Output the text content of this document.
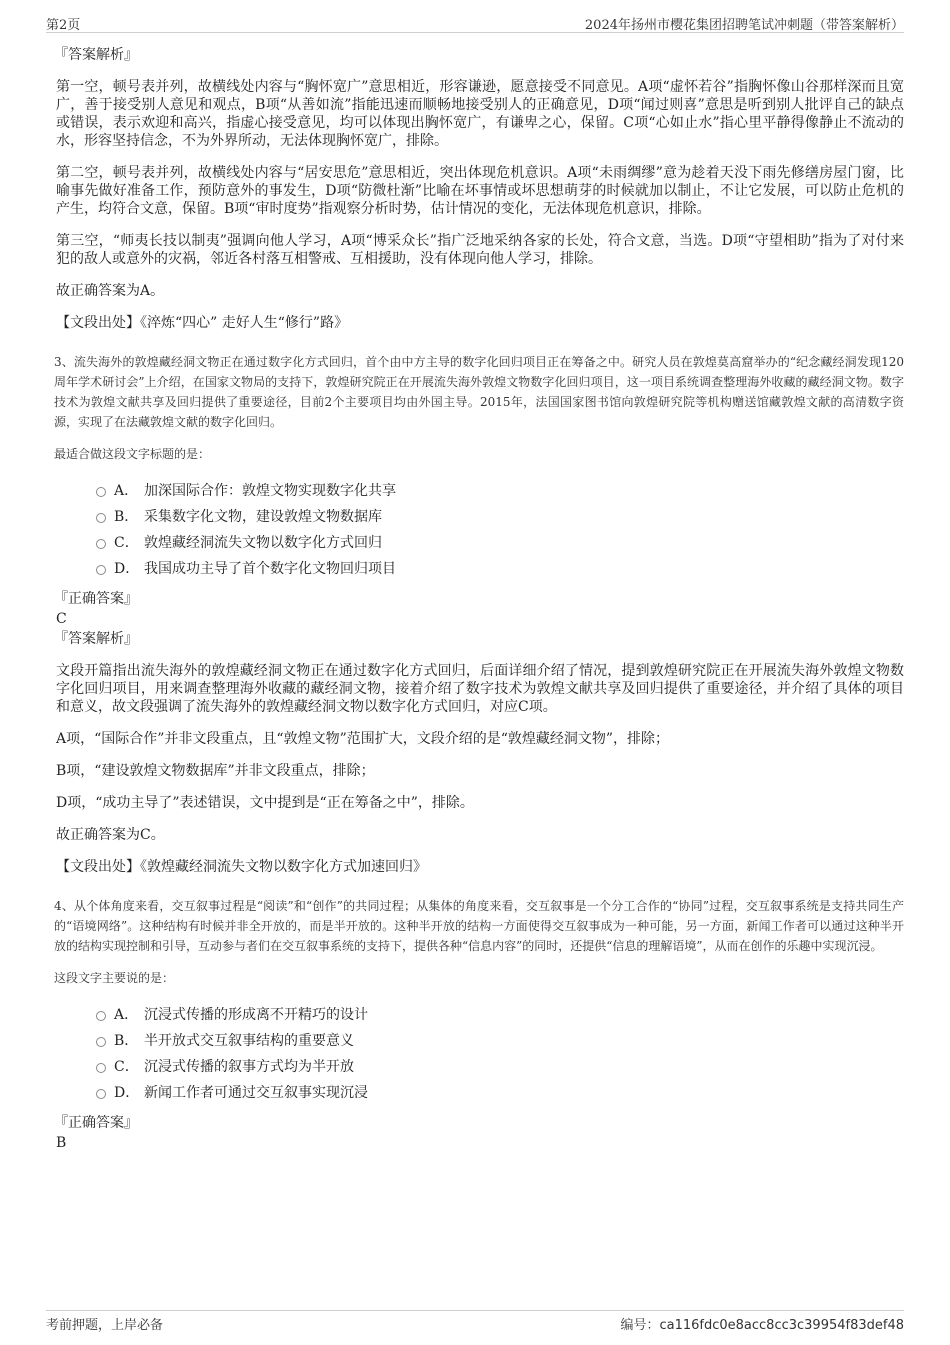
第2页	2024年扬州市樱花集团招聘笔试冲刺题（带答案解析）
『答案解析』

第一空，顿号表并列，故横线处内容与“胸怀宽广”意思相近，形容谦逊，愿意接受不同意见。A项“虚怀若谷”指胸怀像山谷那样深而且宽广，善于接受别人意见和观点，B项“从善如流”指能迅速而顺畅地接受别人的正确意见，D项“闻过则喜”意思是听到别人批评自己的缺点或错误，表示欢迎和高兴，指虚心接受意见，均可以体现出胸怀宽广，有谦卑之心，保留。C项“心如止水”指心里平静得像静止不流动的水，形容坚持信念，不为外界所动，无法体现胸怀宽广，排除。

第二空，顿号表并列，故横线处内容与“居安思危”意思相近，突出体现危机意识。A项“未雨绸缪”意为趁着天没下雨先修缮房屋门窗，比喻事先做好准备工作，预防意外的事发生，D项“防微杜渐”比喻在坏事情或坏思想萌芽的时候就加以制止，不让它发展，可以防止危机的产生，均符合文意，保留。B项“审时度势”指观察分析时势，估计情况的变化，无法体现危机意识，排除。

第三空，“师夷长技以制夷”强调向他人学习，A项“博采众长”指广泛地采纳各家的长处，符合文意，当选。D项“守望相助”指为了对付来犯的敌人或意外的灾祸，邻近各村落互相警戒、互相援助，没有体现向他人学习，排除。

故正确答案为A。

【文段出处】《淬炼“四心” 走好人生“修行”路》

3、流失海外的敦煌藏经洞文物正在通过数字化方式回归，首个由中方主导的数字化回归项目正在筹备之中。研究人员在敦煌莫高窟举办的“纪念藏经洞发现120周年学术研讨会”上介绍，在国家文物局的支持下，敦煌研究院正在开展流失海外敦煌文物数字化回归项目，这一项目系统调查整理海外收藏的藏经洞文物。数字技术为敦煌文献共享及回归提供了重要途径，目前2个主要项目均由外国主导。2015年，法国国家图书馆向敦煌研究院等机构赠送馆藏敦煌文献的高清数字资源，实现了在法藏敦煌文献的数字化回归。

最适合做这段文字标题的是：

A． 加深国际合作：敦煌文物实现数字化共享
B． 采集数字化文物，建设敦煌文物数据库
C． 敦煌藏经洞流失文物以数字化方式回归
D． 我国成功主导了首个数字化文物回归项目
『正确答案』
C
『答案解析』

文段开篇指出流失海外的敦煌藏经洞文物正在通过数字化方式回归，后面详细介绍了情况，提到敦煌研究院正在开展流失海外敦煌文物数字化回归项目，用来调查整理海外收藏的藏经洞文物，接着介绍了数字技术为敦煌文献共享及回归提供了重要途径，并介绍了具体的项目和意义，故文段强调了流失海外的敦煌藏经洞文物以数字化方式回归，对应C项。

A项，“国际合作”并非文段重点，且“敦煌文物”范围扩大，文段介绍的是“敦煌藏经洞文物”，排除；

B项，“建设敦煌文物数据库”并非文段重点，排除；

D项，“成功主导了”表述错误，文中提到是“正在筹备之中”，排除。

故正确答案为C。

【文段出处】《敦煌藏经洞流失文物以数字化方式加速回归》

4、从个体角度来看，交互叙事过程是“阅读”和“创作”的共同过程；从集体的角度来看，交互叙事是一个分工合作的“协同”过程，交互叙事系统是支持共同生产的“语境网络”。这种结构有时候并非全开放的，而是半开放的。这种半开放的结构一方面使得交互叙事成为一种可能，另一方面，新闻工作者可以通过这种半开放的结构实现控制和引导，互动参与者们在交互叙事系统的支持下，提供各种“信息内容”的同时，还提供“信息的理解语境”，从而在创作的乐趣中实现沉浸。

这段文字主要说的是：

A． 沉浸式传播的形成离不开精巧的设计
B． 半开放式交互叙事结构的重要意义
C． 沉浸式传播的叙事方式均为半开放
D． 新闻工作者可通过交互叙事实现沉浸
『正确答案』
B
考前押题，上岸必备	编号：ca116fdc0e8acc8cc3c39954f83def48
